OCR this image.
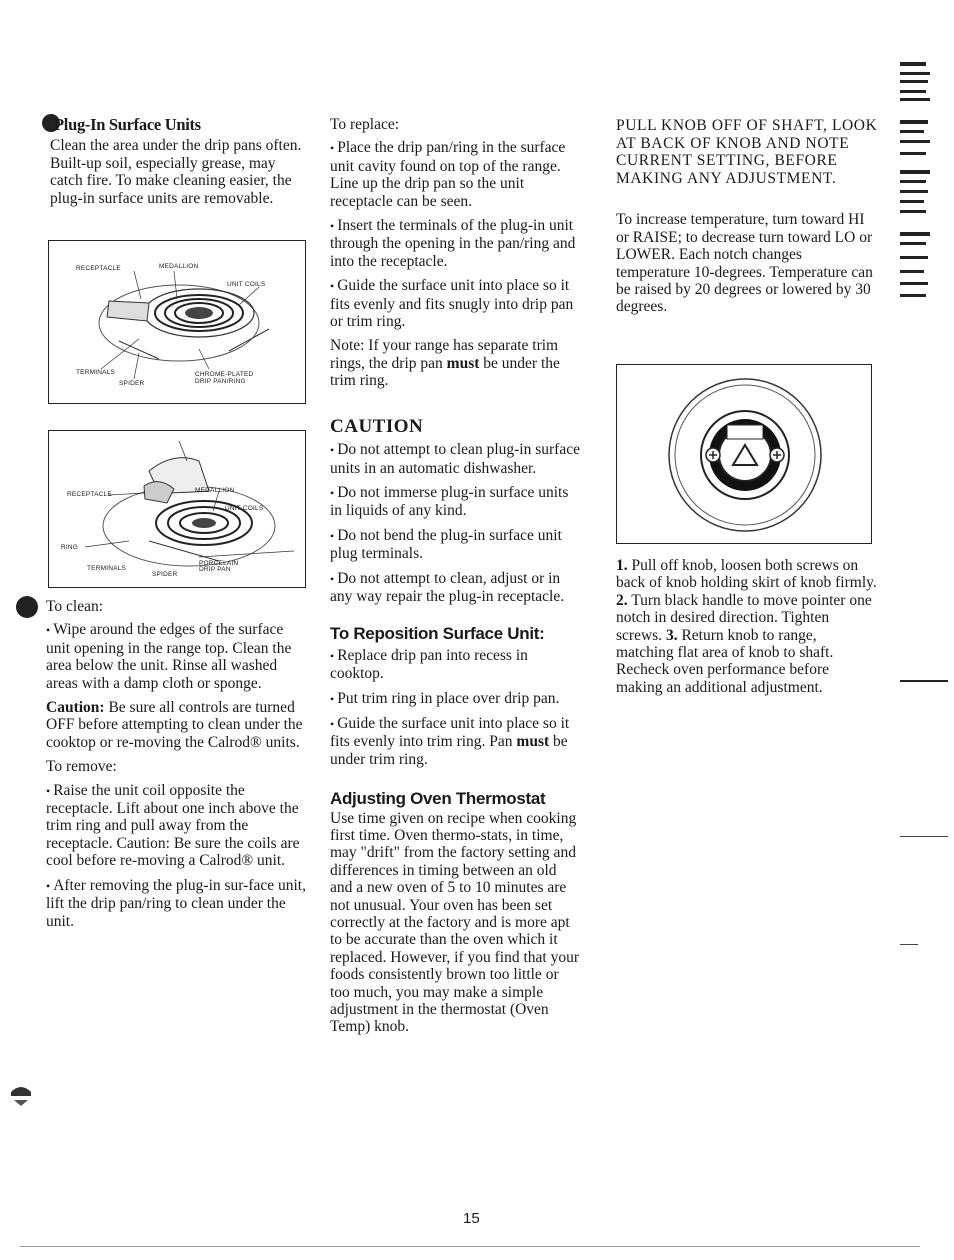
Plug-In Surface Units

Clean the area under the drip pans often. Built-up soil, especially grease, may catch fire. To make cleaning easier, the plug-in surface units are removable.

RECEPTACLE	MEDALLION
UNIT COILS
TERMINALS
SPIDER
CHROME-PLATED
DRIP PAN/RING
RECEPTACLE
MEDALLION
UNIT COILS
RING
TERMINALS
SPIDER
PORCELAIN
DRIP PAN

To clean:

• Wipe around the edges of the surface unit opening in the range top. Clean the area below the unit. Rinse all washed areas with a damp cloth or sponge.

Caution: Be sure all controls are turned OFF before attempting to clean under the cooktop or re-moving the Calrod® units.

To remove:

• Raise the unit coil opposite the receptacle. Lift about one inch above the trim ring and pull away from the receptacle. Caution: Be sure the coils are cool before re-moving a Calrod® unit.

• After removing the plug-in sur-face unit, lift the drip pan/ring to clean under the unit.

To replace:

• Place the drip pan/ring in the surface unit cavity found on top of the range. Line up the drip pan so the unit receptacle can be seen.

• Insert the terminals of the plug-in unit through the opening in the pan/ring and into the receptacle.

• Guide the surface unit into place so it fits evenly and fits snugly into drip pan or trim ring.

Note: If your range has separate trim rings, the drip pan must be under the trim ring.

CAUTION

• Do not attempt to clean plug-in surface units in an automatic dishwasher.

• Do not immerse plug-in surface units in liquids of any kind.

• Do not bend the plug-in surface unit plug terminals.

• Do not attempt to clean, adjust or in any way repair the plug-in receptacle.

To Reposition Surface Unit:

• Replace drip pan into recess in cooktop.

• Put trim ring in place over drip pan.

• Guide the surface unit into place so it fits evenly into trim ring. Pan must be under trim ring.

Adjusting Oven Thermostat

Use time given on recipe when cooking first time. Oven thermo-stats, in time, may "drift" from the factory setting and differences in timing between an old and a new oven of 5 to 10 minutes are not unusual. Your oven has been set correctly at the factory and is more apt to be accurate than the oven which it replaced. However, if you find that your foods consistently brown too little or too much, you may make a simple adjustment in the thermostat (Oven Temp) knob.

PULL KNOB OFF OF SHAFT, LOOK AT BACK OF KNOB AND NOTE CURRENT SETTING, BEFORE MAKING ANY ADJUSTMENT.

To increase temperature, turn toward HI or RAISE; to decrease turn toward LO or LOWER. Each notch changes temperature 10-degrees. Temperature can be raised by 20 degrees or lowered by 30 degrees.

1. Pull off knob, loosen both screws on back of knob holding skirt of knob firmly. 2. Turn black handle to move pointer one notch in desired direction. Tighten screws. 3. Return knob to range, matching flat area of knob to shaft. Recheck oven performance before making an additional adjustment.

15
